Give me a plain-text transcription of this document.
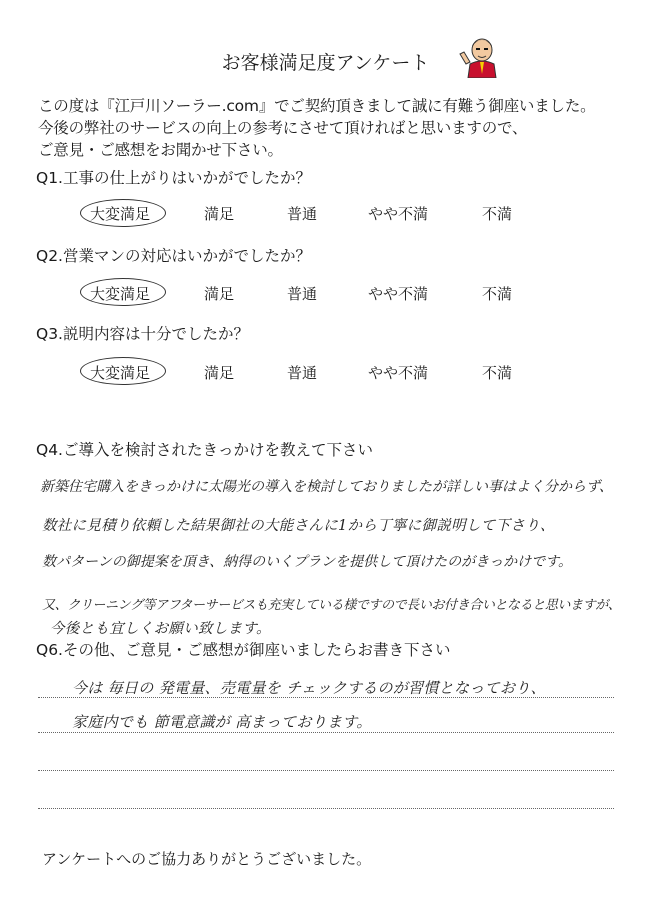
お客様満足度アンケート
この度は『江戸川ソーラー.com』でご契約頂きまして誠に有難う御座いました。
今後の弊社のサービスの向上の参考にさせて頂ければと思いますので、
ご意見・ご感想をお聞かせ下さい。
Q1.工事の仕上がりはいかがでしたか？
大変満足	満足	普通	やや不満	不満
Q2.営業マンの対応はいかがでしたか？
大変満足	満足	普通	やや不満	不満
Q3.説明内容は十分でしたか？
大変満足	満足	普通	やや不満	不満
Q4.ご導入を検討されたきっかけを教えて下さい
新築住宅購入をきっかけに太陽光の導入を検討しておりましたが詳しい事はよく分からず、
数社に見積り依頼した結果御社の大能さんに1から丁寧に御説明して下さり、
数パターンの御提案を頂き、納得のいくプランを提供して頂けたのがきっかけです。
又、クリーニング等アフターサービスも充実している様ですので長いお付き合いとなると思いますが、
今後とも宜しくお願い致します。
Q6.その他、ご意見・ご感想が御座いましたらお書き下さい
今は 毎日の 発電量、売電量を チェックするのが習慣となっており、
家庭内でも 節電意識が 高まっております。
アンケートへのご協力ありがとうございました。
